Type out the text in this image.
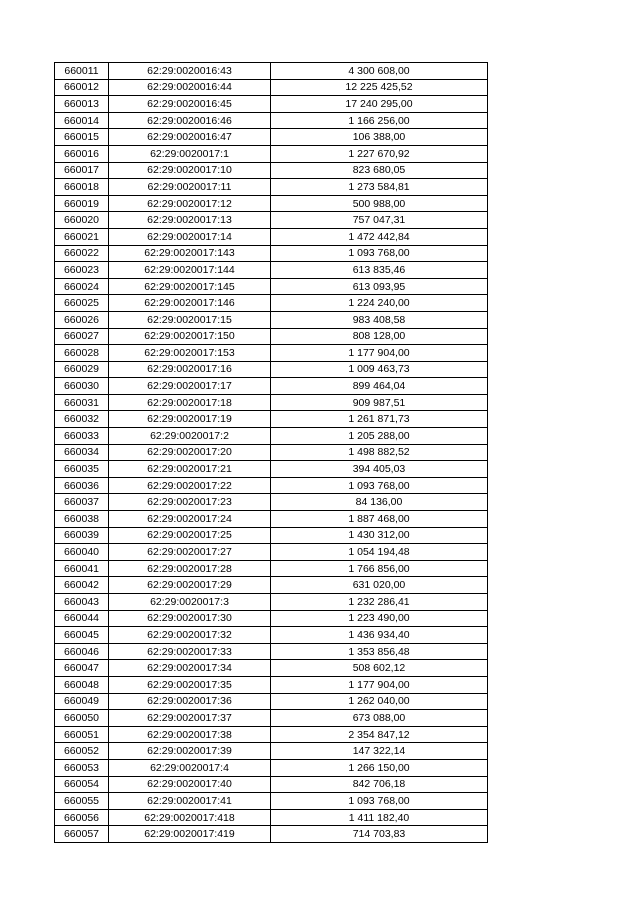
660011	62:29:0020016:43	4 300 608,00
660012	62:29:0020016:44	12 225 425,52
660013	62:29:0020016:45	17 240 295,00
660014	62:29:0020016:46	1 166 256,00
660015	62:29:0020016:47	106 388,00
660016	62:29:0020017:1	1 227 670,92
660017	62:29:0020017:10	823 680,05
660018	62:29:0020017:11	1 273 584,81
660019	62:29:0020017:12	500 988,00
660020	62:29:0020017:13	757 047,31
660021	62:29:0020017:14	1 472 442,84
660022	62:29:0020017:143	1 093 768,00
660023	62:29:0020017:144	613 835,46
660024	62:29:0020017:145	613 093,95
660025	62:29:0020017:146	1 224 240,00
660026	62:29:0020017:15	983 408,58
660027	62:29:0020017:150	808 128,00
660028	62:29:0020017:153	1 177 904,00
660029	62:29:0020017:16	1 009 463,73
660030	62:29:0020017:17	899 464,04
660031	62:29:0020017:18	909 987,51
660032	62:29:0020017:19	1 261 871,73
660033	62:29:0020017:2	1 205 288,00
660034	62:29:0020017:20	1 498 882,52
660035	62:29:0020017:21	394 405,03
660036	62:29:0020017:22	1 093 768,00
660037	62:29:0020017:23	84 136,00
660038	62:29:0020017:24	1 887 468,00
660039	62:29:0020017:25	1 430 312,00
660040	62:29:0020017:27	1 054 194,48
660041	62:29:0020017:28	1 766 856,00
660042	62:29:0020017:29	631 020,00
660043	62:29:0020017:3	1 232 286,41
660044	62:29:0020017:30	1 223 490,00
660045	62:29:0020017:32	1 436 934,40
660046	62:29:0020017:33	1 353 856,48
660047	62:29:0020017:34	508 602,12
660048	62:29:0020017:35	1 177 904,00
660049	62:29:0020017:36	1 262 040,00
660050	62:29:0020017:37	673 088,00
660051	62:29:0020017:38	2 354 847,12
660052	62:29:0020017:39	147 322,14
660053	62:29:0020017:4	1 266 150,00
660054	62:29:0020017:40	842 706,18
660055	62:29:0020017:41	1 093 768,00
660056	62:29:0020017:418	1 411 182,40
660057	62:29:0020017:419	714 703,83
